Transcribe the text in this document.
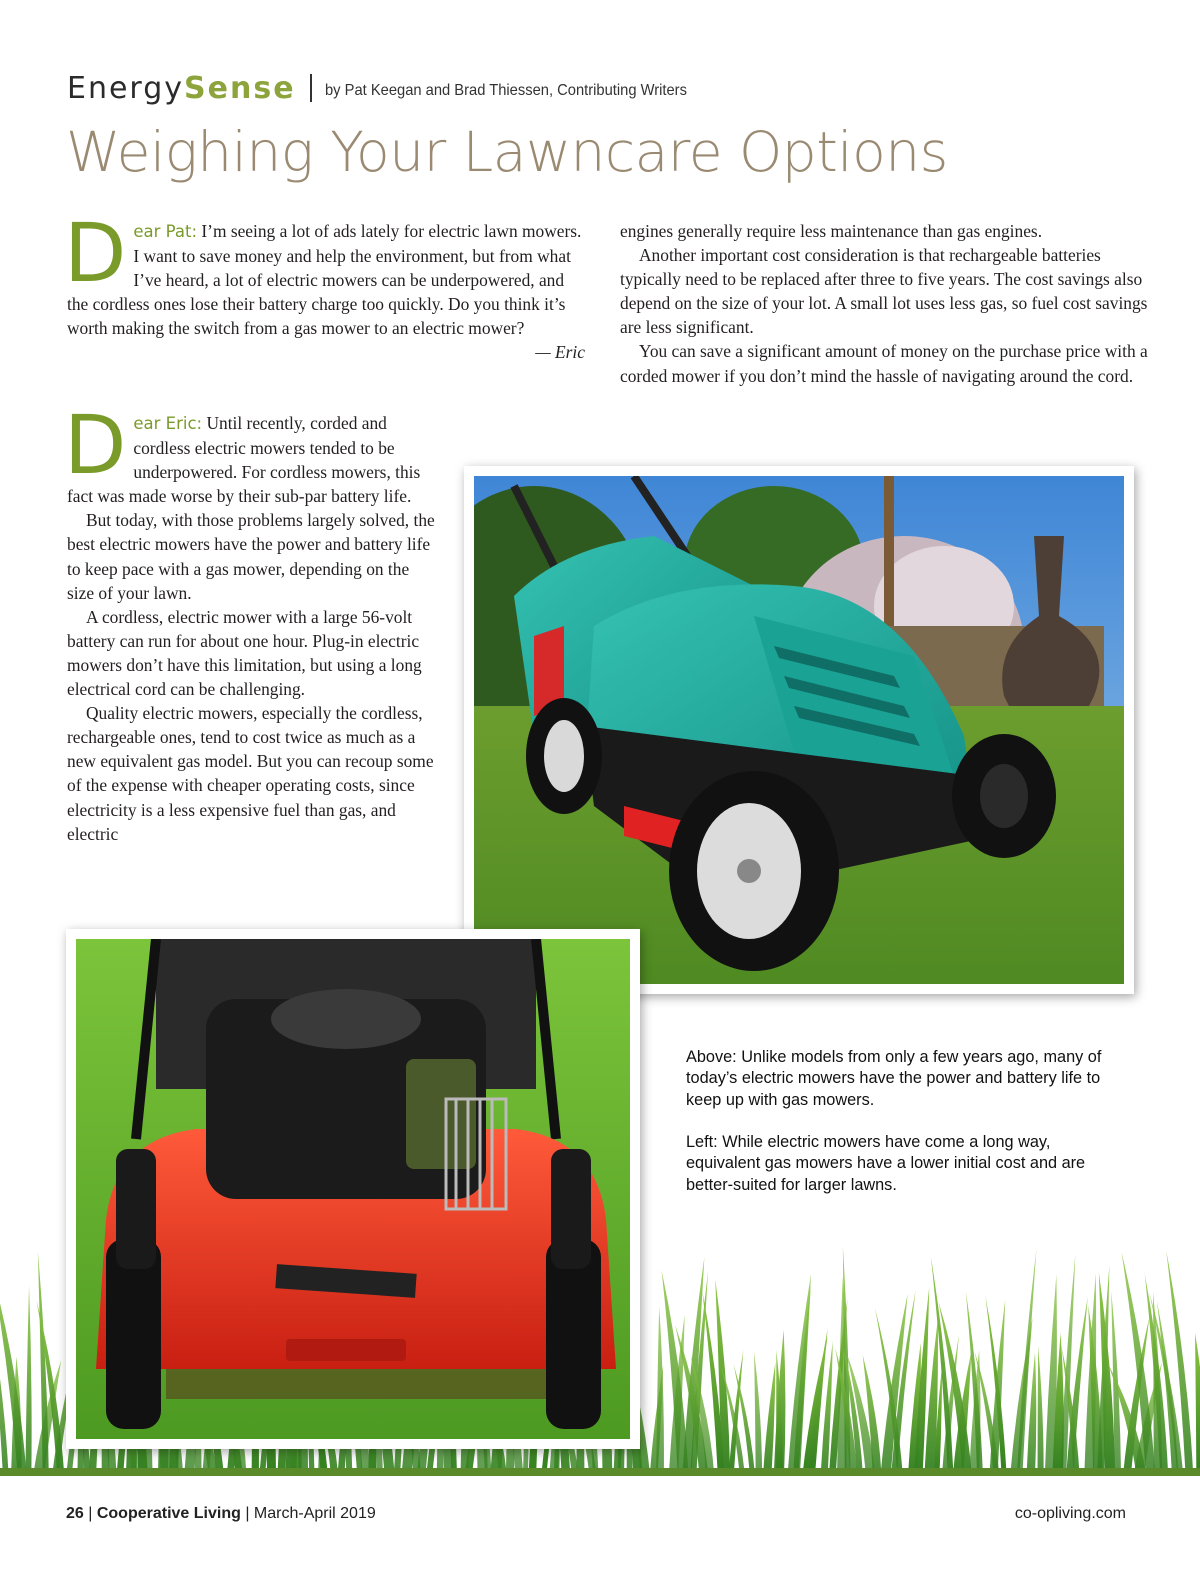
Energy Sense by Pat Keegan and Brad Thiessen, Contributing Writers
Weighing Your Lawncare Options

Dear Pat: I’m seeing a lot of ads lately for electric lawn mowers. I want to save money and help the environment, but from what I’ve heard, a lot of electric mowers can be underpowered, and the cordless ones lose their battery charge too quickly. Do you think it’s worth making the switch from a gas mower to an electric mower?

— Eric

Dear Eric: Until recently, corded and cordless electric mowers tended to be underpowered. For cordless mowers, this fact was made worse by their sub-par battery life.

But today, with those problems largely solved, the best electric mowers have the power and battery life to keep pace with a gas mower, depending on the size of your lawn.

A cordless, electric mower with a large 56-volt battery can run for about one hour. Plug-in electric mowers don’t have this limitation, but using a long electrical cord can be challenging.

Quality electric mowers, especially the cordless, rechargeable ones, tend to cost twice as much as a new equivalent gas model. But you can recoup some of the expense with cheaper operating costs, since electricity is a less expensive fuel than gas, and electric

engines generally require less maintenance than gas engines.

Another important cost consideration is that rechargeable batteries typically need to be replaced after three to five years. The cost savings also depend on the size of your lot. A small lot uses less gas, so fuel cost savings are less significant.

You can save a significant amount of money on the purchase price with a corded mower if you don’t mind the hassle of navigating around the cord.

Above: Unlike models from only a few years ago, many of today’s electric mowers have the power and battery life to keep up with gas mowers.
Left: While electric mowers have come a long way, equivalent gas mowers have a lower initial cost and are better-suited for larger lawns.
26 | Cooperative Living | March-April 2019	co-opliving.com
